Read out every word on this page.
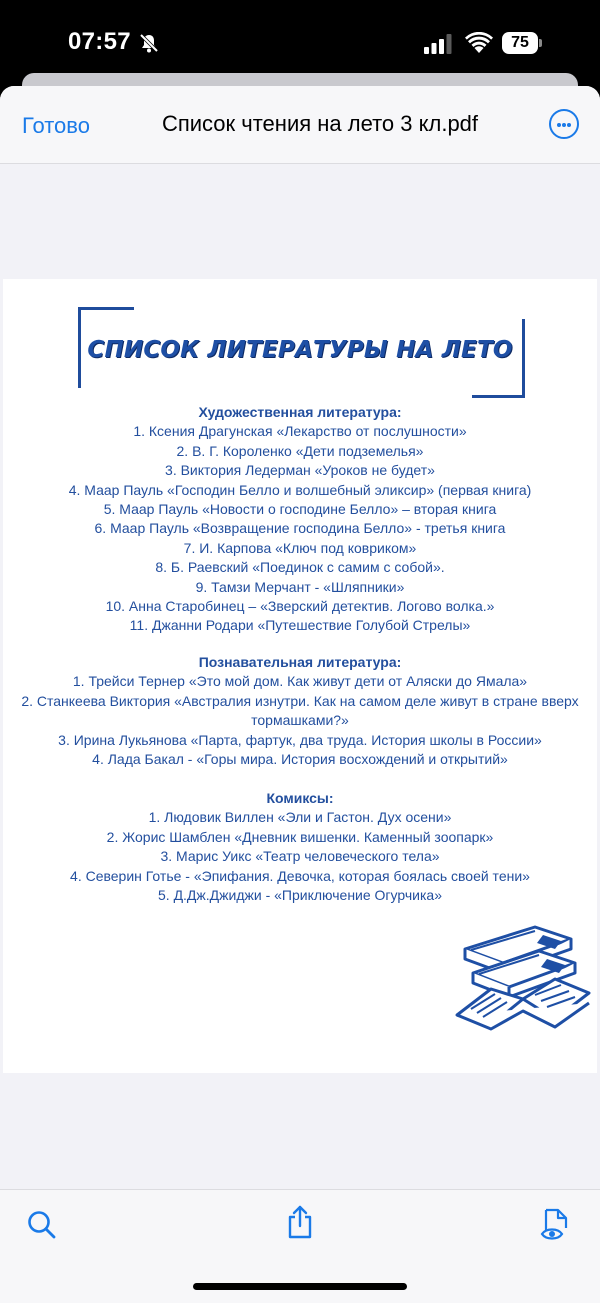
07:57	75
Готово	Список чтения на лето 3 кл.pdf
СПИСОК ЛИТЕРАТУРЫ НА ЛЕТО
Художественная литература:
1. Ксения Драгунская «Лекарство от послушности»
2. В. Г. Короленко «Дети подземелья»
3. Виктория Ледерман «Уроков не будет»
4. Маар Пауль «Господин Белло и волшебный эликсир» (первая книга)
5. Маар Пауль «Новости о господине Белло» – вторая книга
6. Маар Пауль «Возвращение господина Белло» - третья книга
7. И. Карпова «Ключ под ковриком»
8. Б. Раевский «Поединок с самим с собой».
9. Тамзи Мерчант - «Шляпники»
10. Анна Старобинец – «Зверский детектив. Логово волка.»
11. Джанни Родари «Путешествие Голубой Стрелы»
Познавательная литература:
1. Трейси Тернер «Это мой дом. Как живут дети от Аляски до Ямала»
2. Станкеева Виктория «Австралия изнутри. Как на самом деле живут в стране вверх тормашками?»
3. Ирина Лукьянова «Парта, фартук, два труда. История школы в России»
4. Лада Бакал - «Горы мира. История восхождений и открытий»
Комиксы:
1. Людовик Виллен «Эли и Гастон. Дух осени»
2. Жорис Шамблен «Дневник вишенки. Каменный зоопарк»
3. Марис Уикс «Театр человеческого тела»
4. Северин Готье - «Эпифания. Девочка, которая боялась своей тени»
5. Д.Дж.Джиджи - «Приключение Огурчика»
